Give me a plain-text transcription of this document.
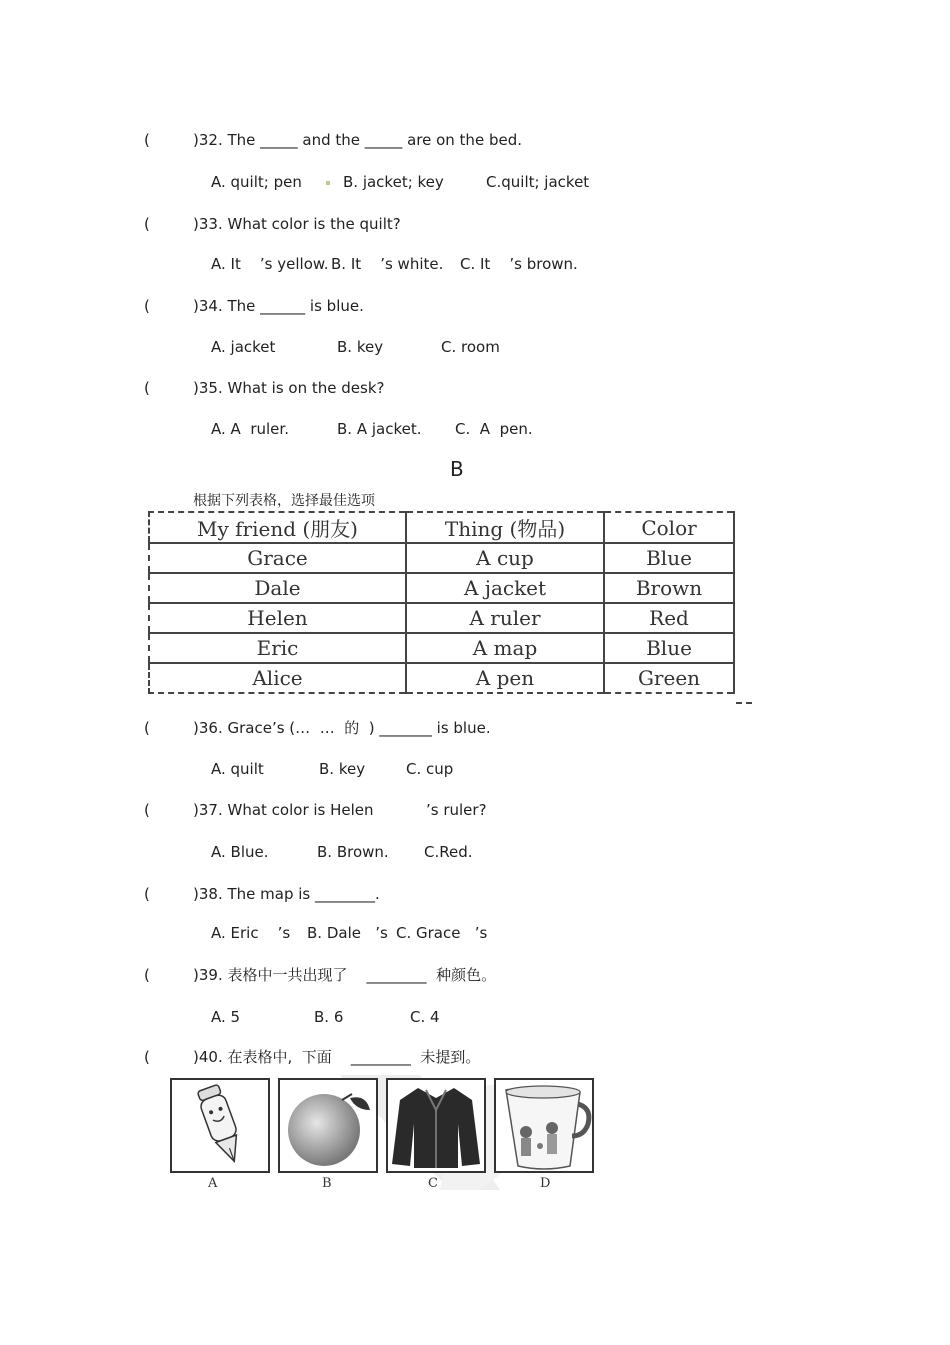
(	)32. The _____ and the _____ are on the bed.
A. quilt; pen	B. jacket; key	C.quilt; jacket
(	)33. What color is the quilt?
A. It    ’s yellow. B. It    ’s white. C. It    ’s brown.
(	)34. The ______ is blue.
A. jacket	B. key	C. room
(	)35. What is on the desk?
A. A  ruler.	B. A jacket. C.  A  pen.
B
根据下列表格，选择最佳选项
My friend (朋友)	Thing (物品)	Color
Grace	A cup	Blue
Dale	A jacket	Brown
Helen	A ruler	Red
Eric	A map	Blue
Alice	A pen	Green
(	)36. Grace’s (…  …  的  ) _______ is blue.
A. quilt	B. key	C. cup
(	)37. What color is Helen           ’s ruler?
A. Blue.	B. Brown. C.Red.
(	)38. The map is ________.
A. Eric    ’s B. Dale   ’s C. Grace   ’s
(	)39. 表格中一共出现了    ________  种颜色。
A. 5	B. 6	C. 4
(	)40. 在表格中,  下面    ________  未提到。
A	B	C	D
